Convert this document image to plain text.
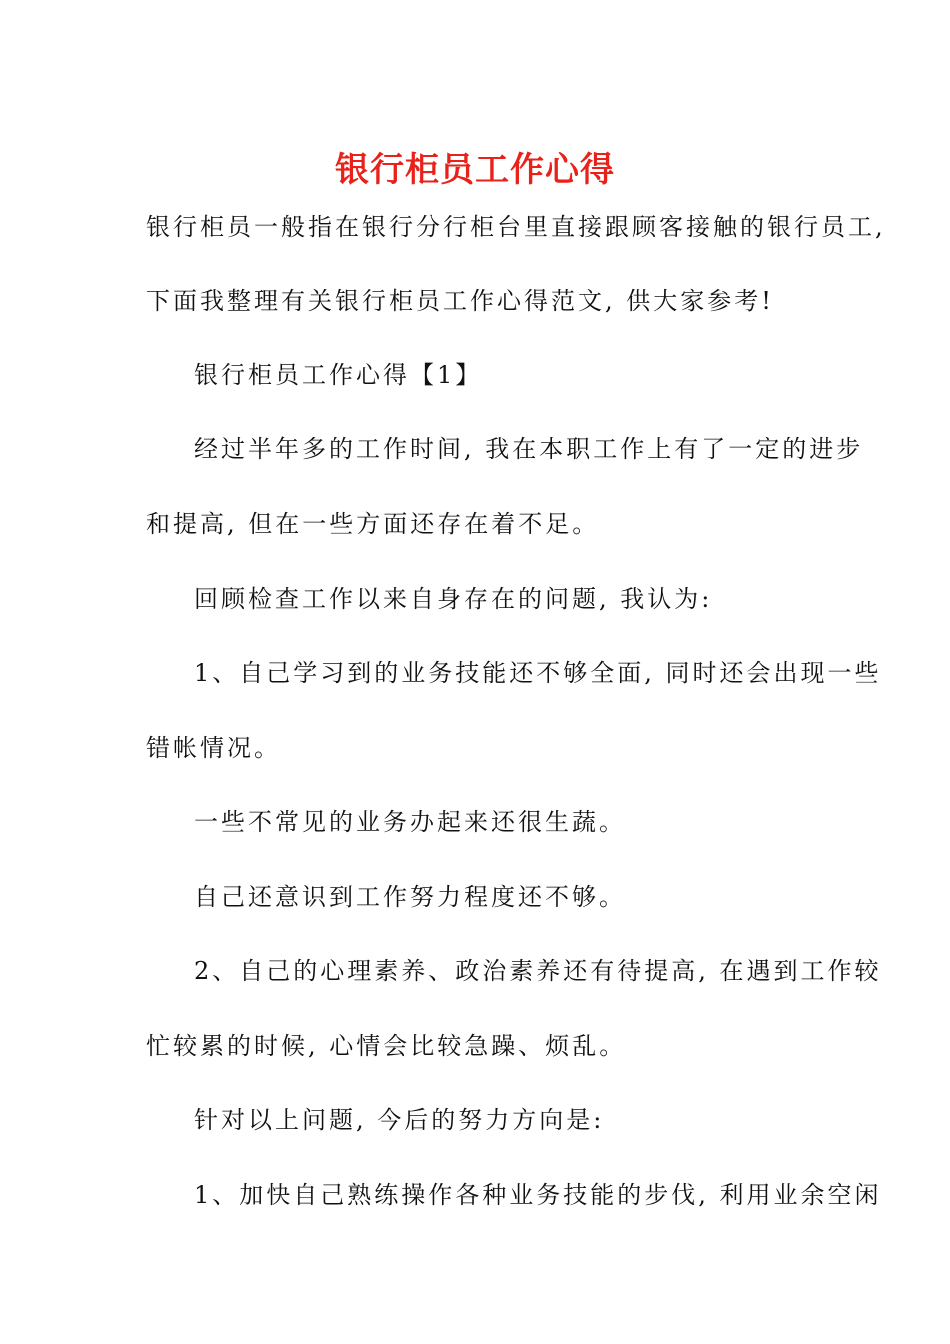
银行柜员工作心得
银行柜员一般指在银行分行柜台里直接跟顾客接触的银行员工,
下面我整理有关银行柜员工作心得范文, 供大家参考!
银行柜员工作心得【1】
经过半年多的工作时间, 我在本职工作上有了一定的进步
和提高, 但在一些方面还存在着不足。
回顾检查工作以来自身存在的问题, 我认为:
1、自己学习到的业务技能还不够全面, 同时还会出现一些
错帐情况。
一些不常见的业务办起来还很生蔬。
自己还意识到工作努力程度还不够。
2、自己的心理素养、政治素养还有待提高, 在遇到工作较
忙较累的时候, 心情会比较急躁、烦乱。
针对以上问题, 今后的努力方向是:
1、加快自己熟练操作各种业务技能的步伐, 利用业余空闲
